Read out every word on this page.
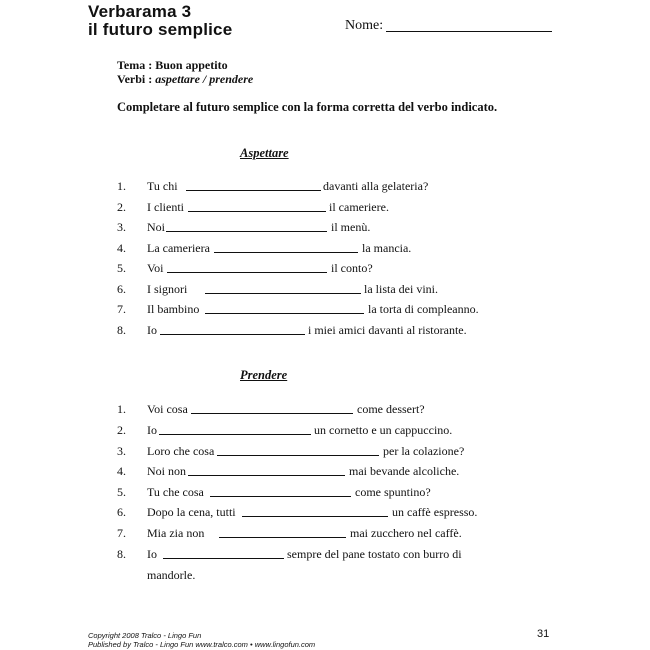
Verbarama 3
il futuro semplice	Nome:
Tema : Buon appetito
Verbi : aspettare / prendere
Completare al futuro semplice con la forma corretta del verbo indicato.
Aspettare
1. Tu chi	davanti alla gelateria?
2. I clienti	il cameriere.
3. Noi	il menù.
4. La cameriera	la mancia.
5. Voi	il conto?
6. I signori	la lista dei vini.
7. Il bambino	la torta di compleanno.
8. Io	i miei amici davanti al ristorante.
Prendere
1. Voi cosa	come dessert?
2. Io	un cornetto e un cappuccino.
3. Loro che cosa	per la colazione?
4. Noi non	mai bevande alcoliche.
5. Tu che cosa	come spuntino?
6. Dopo la cena, tutti	un caffè espresso.
7. Mia zia non	mai zucchero nel caffè.
8. Io	sempre del pane tostato con burro di
mandorle.
Copyright 2008 Tralco - Lingo Fun
Published by Tralco - Lingo Fun www.tralco.com • www.lingofun.com
31
